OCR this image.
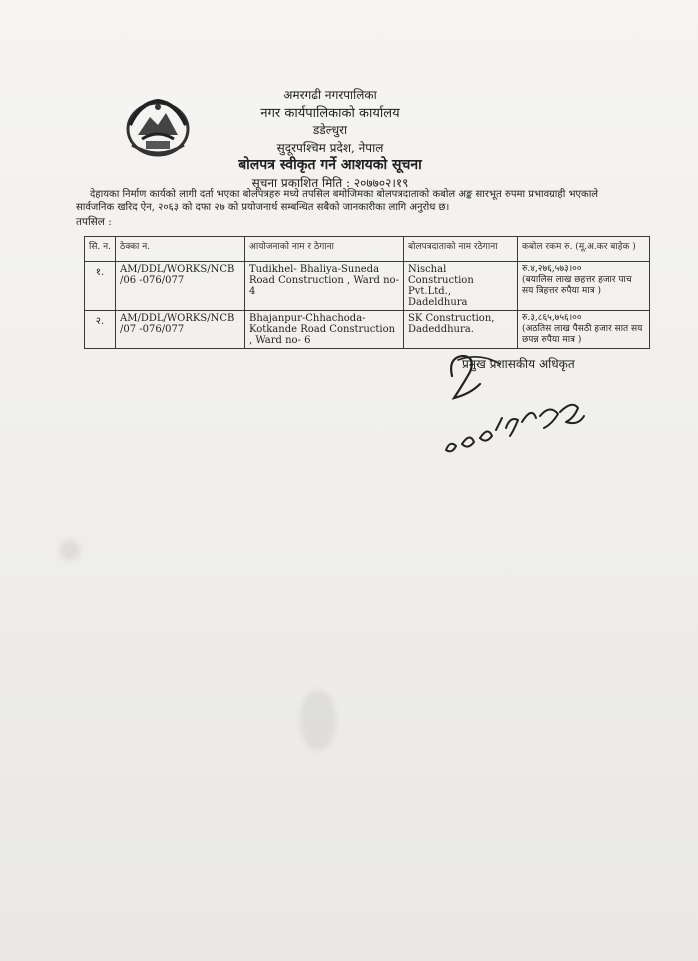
अमरगढी नगरपालिका
नगर कार्यपालिकाको कार्यालय
डडेल्धुरा
सुदूरपश्चिम प्रदेश, नेपाल
बोलपत्र स्वीकृत गर्ने आशयको सूचना
सूचना प्रकाशित मिति : २०७७०२।१९
देहायका निर्माण कार्यको लागी दर्ता भएका बोलपत्रहरु मध्ये तपसिल बमोजिमका बोलपत्रदाताको कबोल अङ्क सारभूत रुपमा प्रभावग्राही भएकाले सार्वजनिक खरिद ऐन, २०६३ को दफा २७ को प्रयोजनार्थ सम्बन्धित सबैको जानकारीका लागि अनुरोध छ।
तपसिल :
सि. न.	ठेक्का न.	आयोजनाको नाम र ठेगाना	बोलपत्रदाताको नाम रठेगाना	कबोल रकम रु. (मू.अ.कर बाहेक )
१.	AM/DDL/WORKS/NCB /06 -076/077	Tudikhel- Bhaliya-Suneda Road Construction , Ward no- 4	Nischal Construction Pvt.Ltd., Dadeldhura	रु.४,२७६,५७३।००
(बयालिस लाख छहत्तर हजार पाच सय त्रिहत्तर रुपैया मात्र )

२.	AM/DDL/WORKS/NCB /07 -076/077	Bhajanpur-Chhachoda-Kotkande Road Construction , Ward no- 6	SK Construction, Dadeddhura.	रु.३,८६५,७५६।००
(अठतिस लाख पैसठी हजार सात सय छपन्न रुपैया मात्र )
प्रमुख प्रशासकीय अधिकृत
२०७७।२।१९
